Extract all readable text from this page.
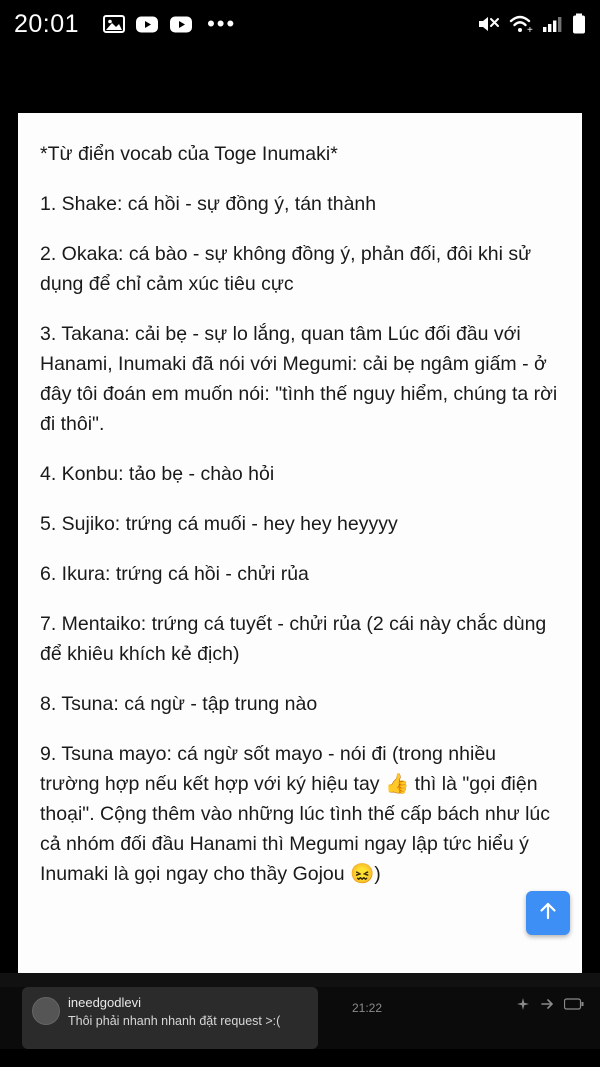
20:01	•••	+

*Từ điển vocab của Toge Inumaki*

1. Shake: cá hồi - sự đồng ý, tán thành

2. Okaka: cá bào - sự không đồng ý, phản đối, đôi khi sử dụng để chỉ cảm xúc tiêu cực

3. Takana: cải bẹ - sự lo lắng, quan tâm Lúc đối đầu với Hanami, Inumaki đã nói với Megumi: cải bẹ ngâm giấm - ở đây tôi đoán em muốn nói: "tình thế nguy hiểm, chúng ta rời đi thôi".

4. Konbu: tảo bẹ - chào hỏi

5. Sujiko: trứng cá muối - hey hey heyyyy

6. Ikura: trứng cá hồi - chửi rủa

7. Mentaiko: trứng cá tuyết - chửi rủa (2 cái này chắc dùng để khiêu khích kẻ địch)

8. Tsuna: cá ngừ - tập trung nào

9. Tsuna mayo: cá ngừ sốt mayo - nói đi (trong nhiều trường hợp nếu kết hợp với ký hiệu tay 👍 thì là "gọi điện thoại". Cộng thêm vào những lúc tình thế cấp bách như lúc cả nhóm đối đầu Hanami thì Megumi ngay lập tức hiểu ý Inumaki là gọi ngay cho thầy Gojou 😖)

ineedgodlevi
Thôi phải nhanh nhanh đặt request >:(
21:22
